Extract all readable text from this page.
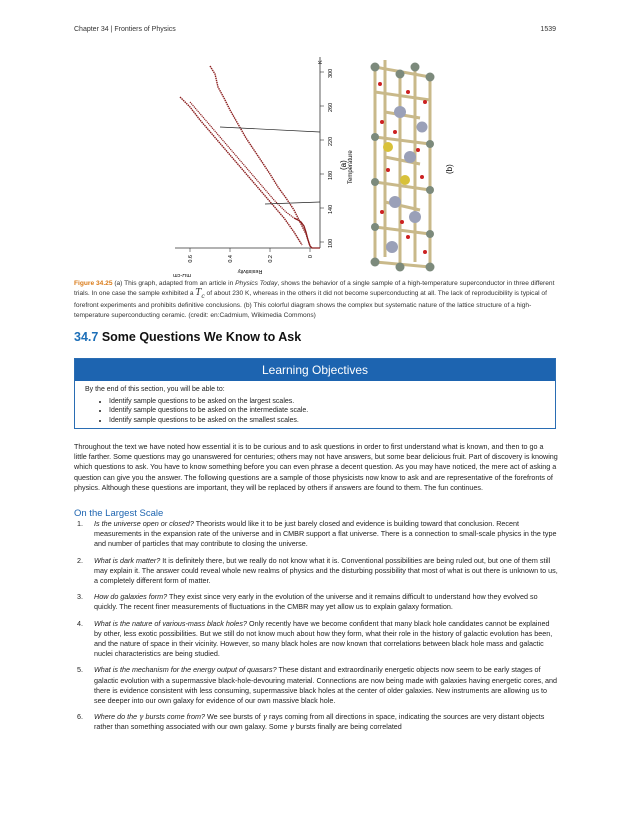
Chapter 34 | Frontiers of Physics	1539
K
100
140
180
220
260
300
Temperature
(a)
0.6	0.4	0.2	0
mΩ-cm
Resistivity
(b)
Figure 34.25 (a) This graph, adapted from an article in Physics Today, shows the behavior of a single sample of a high-temperature superconductor in three different trials. In one case the sample exhibited a $T_c$ of about 230 K, whereas in the others it did not become superconducting at all. The lack of reproducibility is typical of forefront experiments and prohibits definitive conclusions. (b) This colorful diagram shows the complex but systematic nature of the lattice structure of a high-temperature superconducting ceramic. (credit: en:Cadmium, Wikimedia Commons)
34.7 Some Questions We Know to Ask
Learning Objectives
By the end of this section, you will be able to:
• Identify sample questions to be asked on the largest scales.
• Identify sample questions to be asked on the intermediate scale.
• Identify sample questions to be asked on the smallest scales.
Throughout the text we have noted how essential it is to be curious and to ask questions in order to first understand what is known, and then to go a little farther. Some questions may go unanswered for centuries; others may not have answers, but some bear delicious fruit. Part of discovery is knowing which questions to ask. You have to know something before you can even phrase a decent question. As you may have noticed, the mere act of asking a question can give you the answer. The following questions are a sample of those physicists now know to ask and are representative of the forefronts of physics. Although these questions are important, they will be replaced by others if answers are found to them. The fun continues.
On the Largest Scale
1. Is the universe open or closed? Theorists would like it to be just barely closed and evidence is building toward that conclusion. Recent measurements in the expansion rate of the universe and in CMBR support a flat universe. There is a connection to small-scale physics in the type and number of particles that may contribute to closing the universe.
2. What is dark matter? It is definitely there, but we really do not know what it is. Conventional possibilities are being ruled out, but one of them still may explain it. The answer could reveal whole new realms of physics and the disturbing possibility that most of what is out there is unknown to us, a completely different form of matter.
3. How do galaxies form? They exist since very early in the evolution of the universe and it remains difficult to understand how they evolved so quickly. The recent finer measurements of fluctuations in the CMBR may yet allow us to explain galaxy formation.
4. What is the nature of various-mass black holes? Only recently have we become confident that many black hole candidates cannot be explained by other, less exotic possibilities. But we still do not know much about how they form, what their role in the history of galactic evolution has been, and the nature of space in their vicinity. However, so many black holes are now known that correlations between black hole mass and galactic nuclei characteristics are being studied.
5. What is the mechanism for the energy output of quasars? These distant and extraordinarily energetic objects now seem to be early stages of galactic evolution with a supermassive black-hole-devouring material. Connections are now being made with galaxies having energetic cores, and there is evidence consistent with less consuming, supermassive black holes at the center of older galaxies. New instruments are allowing us to see deeper into our own galaxy for evidence of our own massive black hole.
6. Where do the γ bursts come from? We see bursts of γ rays coming from all directions in space, indicating the sources are very distant objects rather than something associated with our own galaxy. Some γ bursts finally are being correlated
